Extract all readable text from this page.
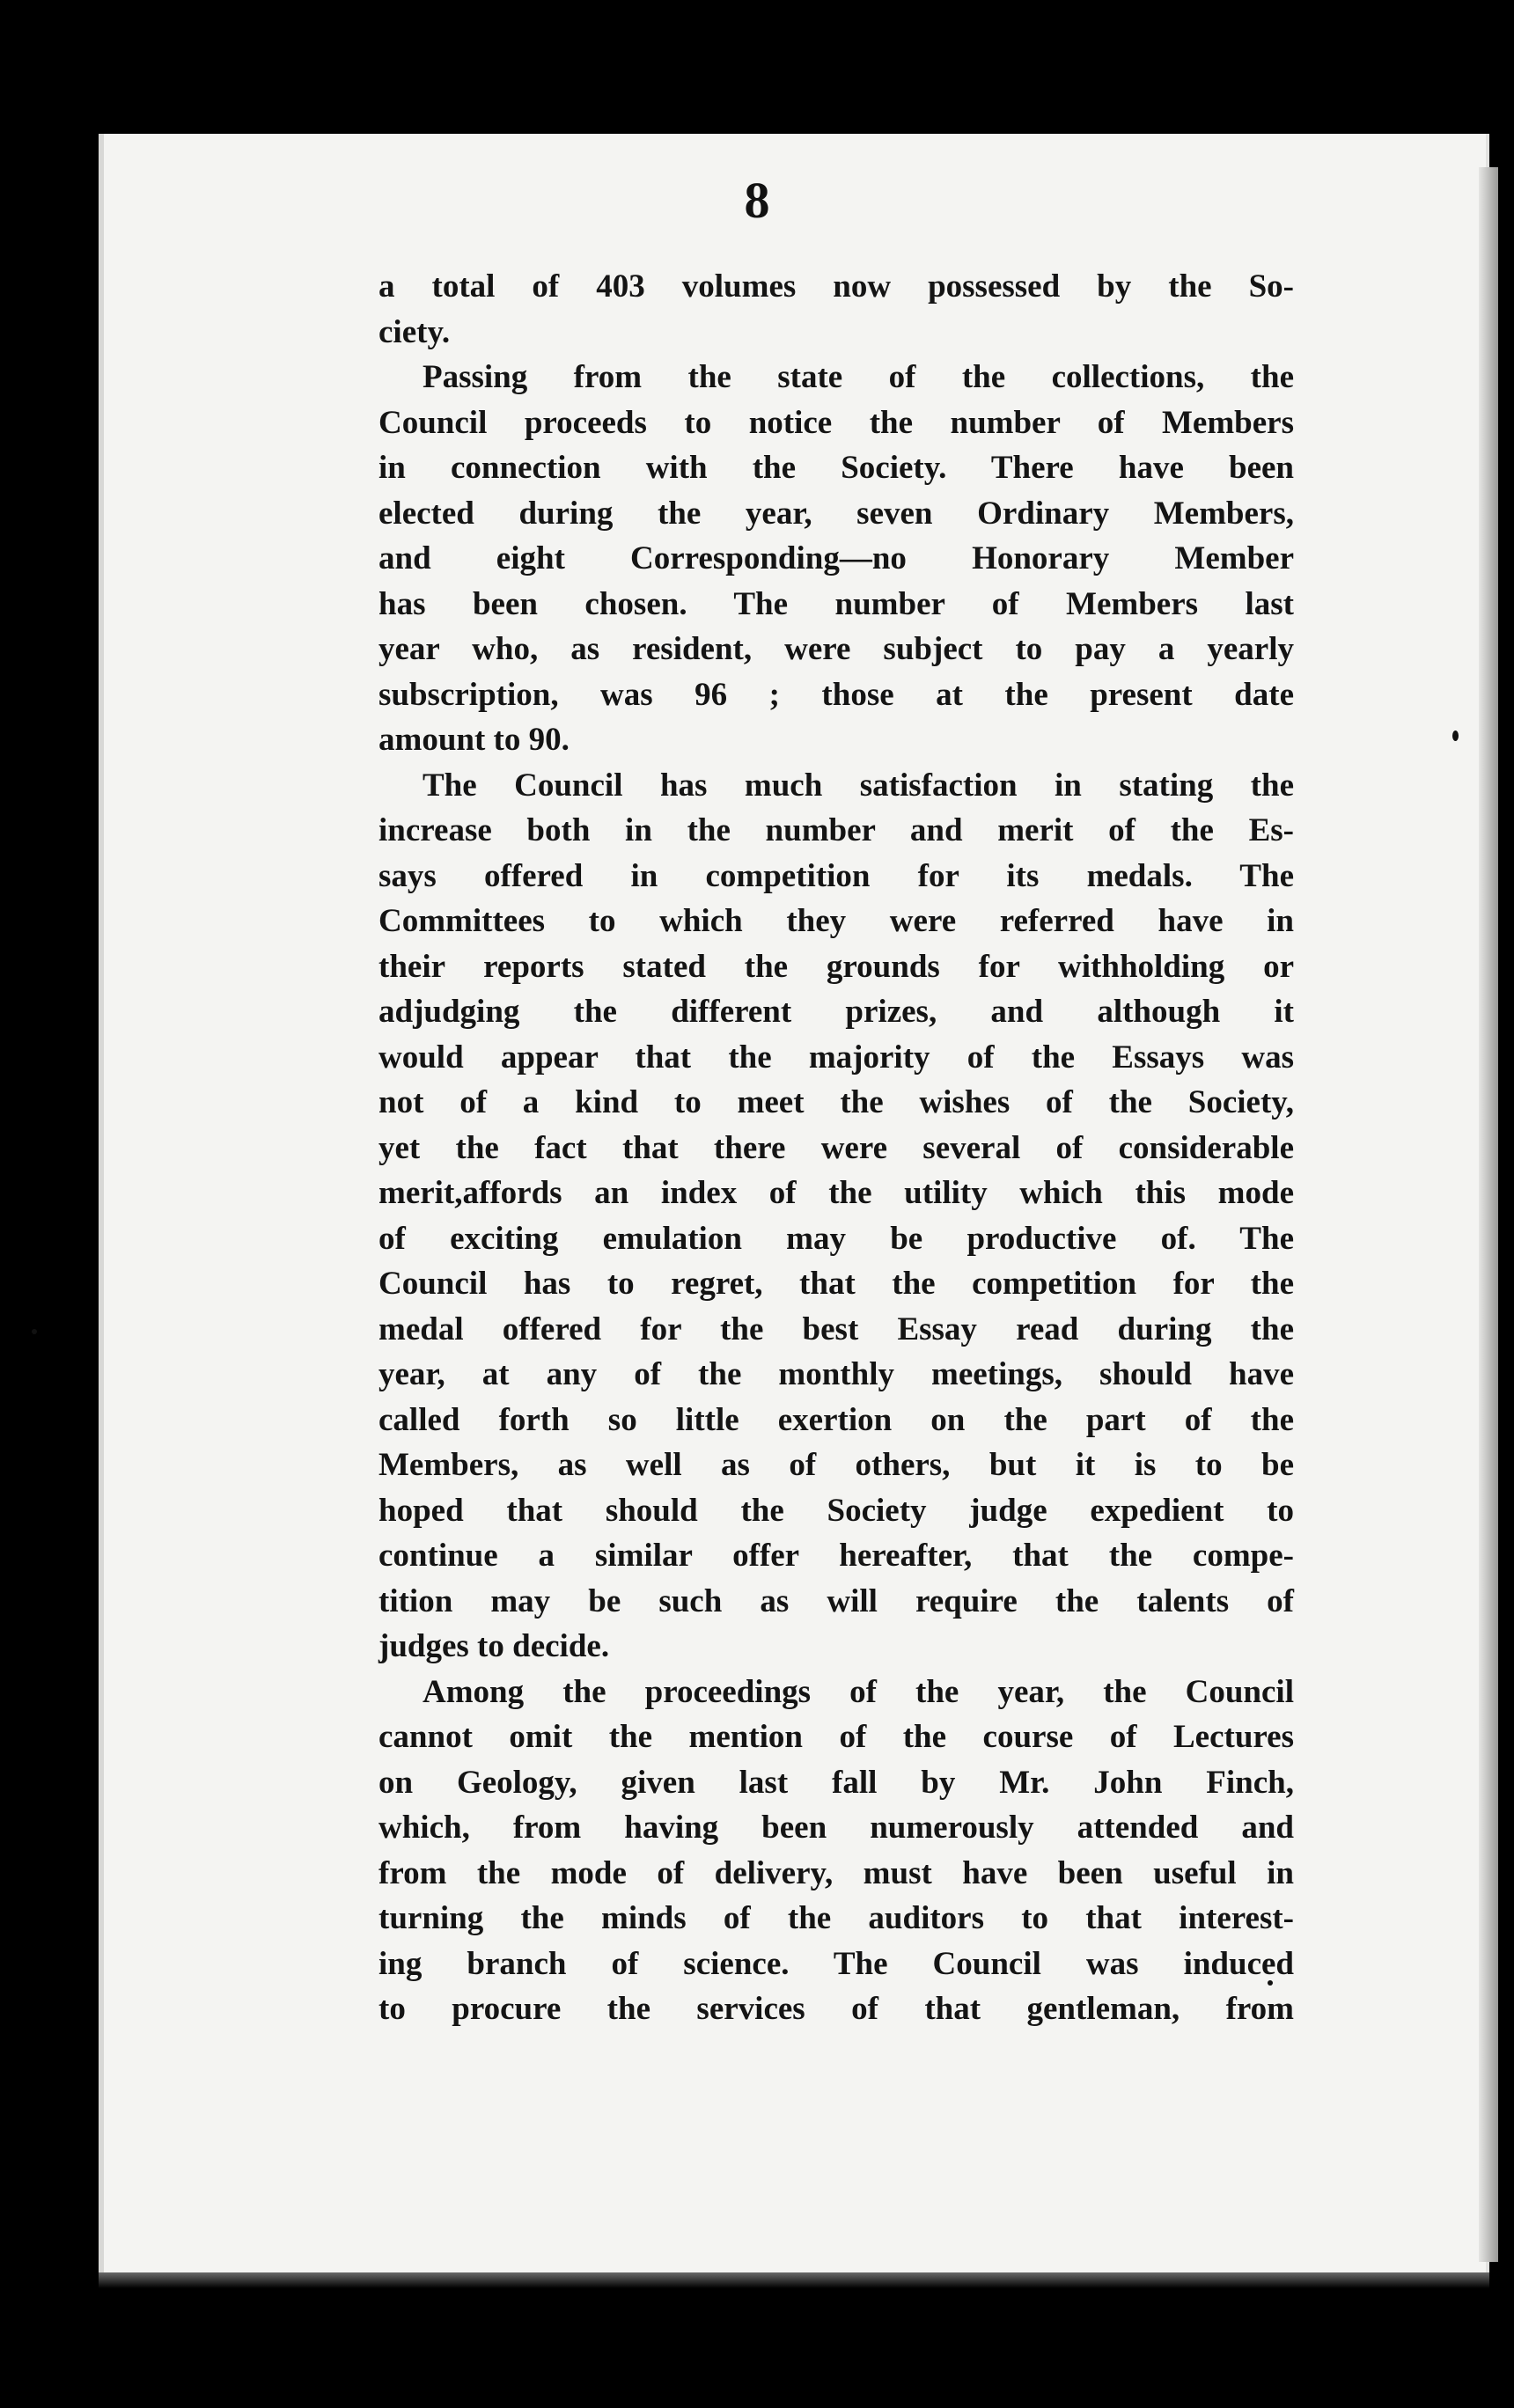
8
a total of 403 volumes now possessed by the So-
ciety.
Passing from the state of the collections, the
Council proceeds to notice the number of Members
in connection with the Society. There have been
elected during the year, seven Ordinary Members,
and eight Corresponding—no Honorary Member
has been chosen. The number of Members last
year who, as resident, were subject to pay a yearly
subscription, was 96 ; those at the present date
amount to 90.
The Council has much satisfaction in stating the
increase both in the number and merit of the Es-
says offered in competition for its medals. The
Committees to which they were referred have in
their reports stated the grounds for withholding or
adjudging the different prizes, and although it
would appear that the majority of the Essays was
not of a kind to meet the wishes of the Society,
yet the fact that there were several of considerable
merit,affords an index of the utility which this mode
of exciting emulation may be productive of. The
Council has to regret, that the competition for the
medal offered for the best Essay read during the
year, at any of the monthly meetings, should have
called forth so little exertion on the part of the
Members, as well as of others, but it is to be
hoped that should the Society judge expedient to
continue a similar offer hereafter, that the compe-
tition may be such as will require the talents of
judges to decide.
Among the proceedings of the year, the Council
cannot omit the mention of the course of Lectures
on Geology, given last fall by Mr. John Finch,
which, from having been numerously attended and
from the mode of delivery, must have been useful in
turning the minds of the auditors to that interest-
ing branch of science. The Council was induced
to procure the services of that gentleman, from
